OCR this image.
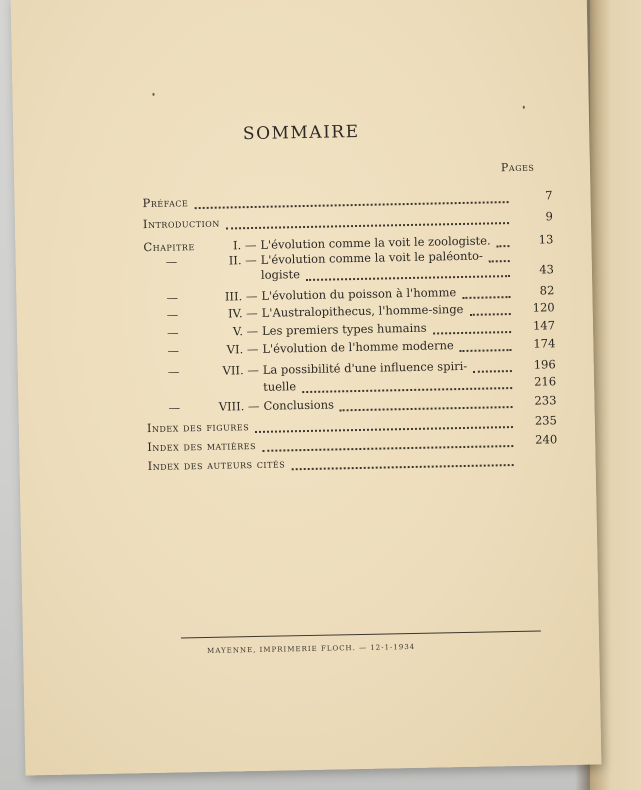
SOMMAIRE
Pages
Préface	7
Introduction	9
Chapitre	I. — L'évolution comme la voit le zoologiste.	13
—	II. — L'évolution comme la voit le paléonto-
logiste	43
—	III. — L'évolution du poisson à l'homme	82
—	IV. — L'Australopithecus, l'homme-singe	120
—	V. — Les premiers types humains	147
—	VI. — L'évolution de l'homme moderne	174
—	VII. — La possibilité d'une influence spiri-	196
tuelle	216
—	VIII. — Conclusions	233
Index des figures	235
Index des matières	240
Index des auteurs cités
MAYENNE, IMPRIMERIE FLOCH. — 12-1-1934
